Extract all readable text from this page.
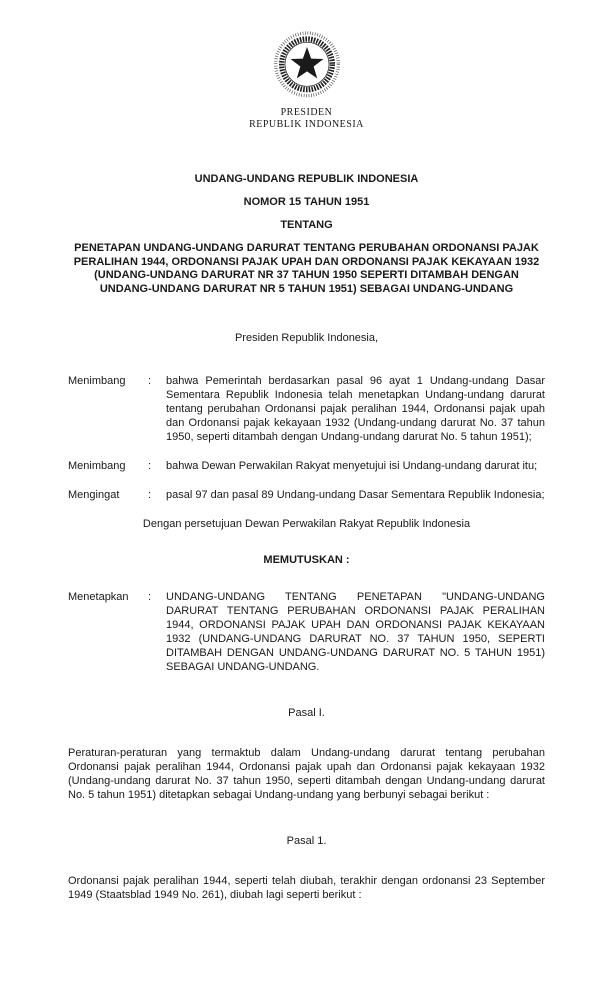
PRESIDEN
REPUBLIK INDONESIA
UNDANG-UNDANG REPUBLIK INDONESIA
NOMOR 15 TAHUN 1951
TENTANG
PENETAPAN UNDANG-UNDANG DARURAT TENTANG PERUBAHAN ORDONANSI PAJAK PERALIHAN 1944, ORDONANSI PAJAK UPAH DAN ORDONANSI PAJAK KEKAYAAN 1932 (UNDANG-UNDANG DARURAT NR 37 TAHUN 1950 SEPERTI DITAMBAH DENGAN UNDANG-UNDANG DARURAT NR 5 TAHUN 1951) SEBAGAI UNDANG-UNDANG
Presiden Republik Indonesia,
Menimbang	:	bahwa Pemerintah berdasarkan pasal 96 ayat 1 Undang-undang Dasar Sementara Republik Indonesia telah menetapkan Undang-undang darurat tentang perubahan Ordonansi pajak peralihan 1944, Ordonansi pajak upah dan Ordonansi pajak kekayaan 1932 (Undang-undang darurat No. 37 tahun 1950, seperti ditambah dengan Undang-undang darurat No. 5 tahun 1951);
Menimbang	:	bahwa Dewan Perwakilan Rakyat menyetujui isi Undang-undang darurat itu;
Mengingat	:	pasal 97 dan pasal 89 Undang-undang Dasar Sementara Republik Indonesia;
Dengan persetujuan Dewan Perwakilan Rakyat Republik Indonesia
MEMUTUSKAN :
Menetapkan	:	UNDANG-UNDANG TENTANG PENETAPAN "UNDANG-UNDANG DARURAT TENTANG PERUBAHAN ORDONANSI PAJAK PERALIHAN 1944, ORDONANSI PAJAK UPAH DAN ORDONANSI PAJAK KEKAYAAN 1932 (UNDANG-UNDANG DARURAT NO. 37 TAHUN 1950, SEPERTI DITAMBAH DENGAN UNDANG-UNDANG DARURAT NO. 5 TAHUN 1951) SEBAGAI UNDANG-UNDANG.
Pasal I.
Peraturan-peraturan yang termaktub dalam Undang-undang darurat tentang perubahan Ordonansi pajak peralihan 1944, Ordonansi pajak upah dan Ordonansi pajak kekayaan 1932 (Undang-undang darurat No. 37 tahun 1950, seperti ditambah dengan Undang-undang darurat No. 5 tahun 1951) ditetapkan sebagai Undang-undang yang berbunyi sebagai berikut :
Pasal 1.
Ordonansi pajak peralihan 1944, seperti telah diubah, terakhir dengan ordonansi 23 September 1949 (Staatsblad 1949 No. 261), diubah lagi seperti berikut :
